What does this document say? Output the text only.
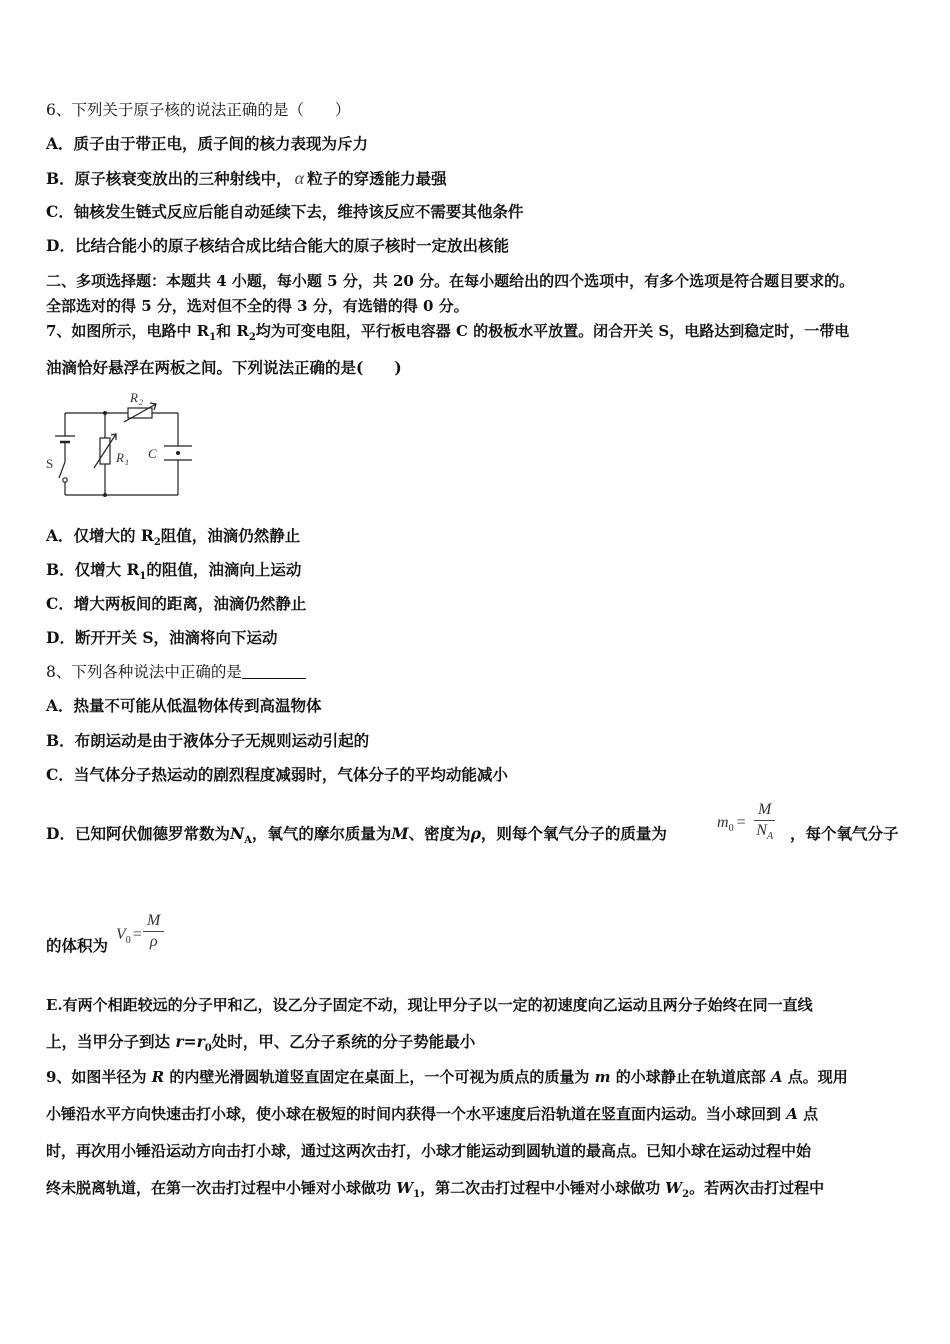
6、下列关于原子核的说法正确的是（　　）
A．质子由于带正电，质子间的核力表现为斥力
B．原子核衰变放出的三种射线中， α 粒子的穿透能力最强
C．铀核发生链式反应后能自动延续下去，维持该反应不需要其他条件
D．比结合能小的原子核结合成比结合能大的原子核时一定放出核能
二、多项选择题：本题共 4 小题，每小题 5 分，共 20 分。在每小题给出的四个选项中，有多个选项是符合题目要求的。
全部选对的得 5 分，选对但不全的得 3 分，有选错的得 0 分。
7、如图所示，电路中 $R_1$和 $R_2$均为可变电阻，平行板电容器 C 的极板水平放置。闭合开关 S，电路达到稳定时，一带电
油滴恰好悬浮在两板之间。下列说法正确的是(　　)
R 2
R 1
C
S
A．仅增大的 $R_2$阻值，油滴仍然静止
B．仅增大 $R_1$的阻值，油滴向上运动
C．增大两板间的距离，油滴仍然静止
D．断开开关 S，油滴将向下运动
8、下列各种说法中正确的是
A．热量不可能从低温物体传到高温物体
B．布朗运动是由于液体分子无规则运动引起的
C．当气体分子热运动的剧烈程度减弱时，气体分子的平均动能减小
D．已知阿伏伽德罗常数为$N_A$，氧气的摩尔质量为M、密度为ρ，则每个氧气分子的质量为	，每个氧气分子
$m_0 = \frac{M}{N_A}$
的体积为
$V_0 = \frac{M}{\rho}$
E.有两个相距较远的分子甲和乙，设乙分子固定不动，现让甲分子以一定的初速度向乙运动且两分子始终在同一直线
上，当甲分子到达 $r=r_0$处时，甲、乙分子系统的分子势能最小
9、如图半径为 R 的内壁光滑圆轨道竖直固定在桌面上，一个可视为质点的质量为 m 的小球静止在轨道底部 A 点。现用
小锤沿水平方向快速击打小球，使小球在极短的时间内获得一个水平速度后沿轨道在竖直面内运动。当小球回到 A 点
时，再次用小锤沿运动方向击打小球，通过这两次击打，小球才能运动到圆轨道的最高点。已知小球在运动过程中始
终未脱离轨道，在第一次击打过程中小锤对小球做功 $W_1$，第二次击打过程中小锤对小球做功 $W_2$。若两次击打过程中
